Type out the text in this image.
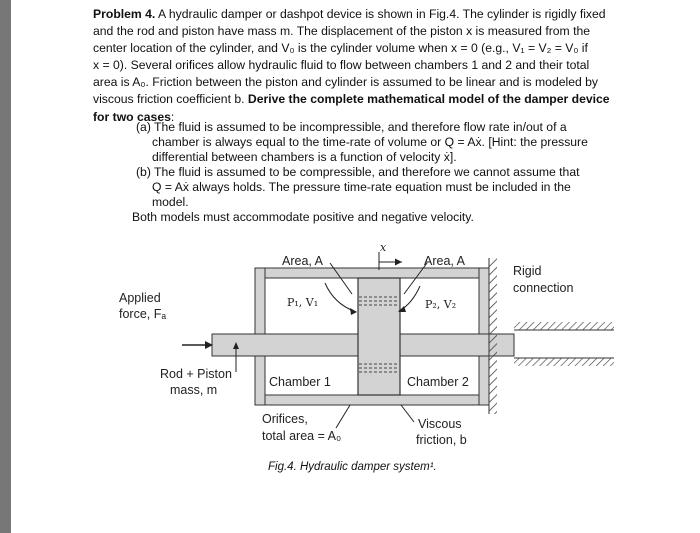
Problem 4. A hydraulic damper or dashpot device is shown in Fig.4. The cylinder is rigidly fixed
and the rod and piston have mass m. The displacement of the piston x is measured from the
center location of the cylinder, and V₀ is the cylinder volume when x = 0 (e.g., V₁ = V₂ = V₀ if
x = 0). Several orifices allow hydraulic fluid to flow between chambers 1 and 2 and their total
area is A₀. Friction between the piston and cylinder is assumed to be linear and is modeled by
viscous friction coefficient b. Derive the complete mathematical model of the damper device
for two cases:
(a) The fluid is assumed to be incompressible, and therefore flow rate in/out of a
chamber is always equal to the time-rate of volume or Q = Aẋ. [Hint: the pressure
differential between chambers is a function of velocity ẋ].
(b) The fluid is assumed to be compressible, and therefore we cannot assume that
Q = Aẋ always holds. The pressure time-rate equation must be included in the
model.
Both models must accommodate positive and negative velocity.
Area, A	Area, A
x
P₁, V₁	P₂, V₂
Applied
force, Fₐ
Rod + Piston
mass, m
Chamber 1	Chamber 2
Rigid
connection
Orifices,
total area = A₀
Viscous
friction, b
Fig.4. Hydraulic damper system¹.
